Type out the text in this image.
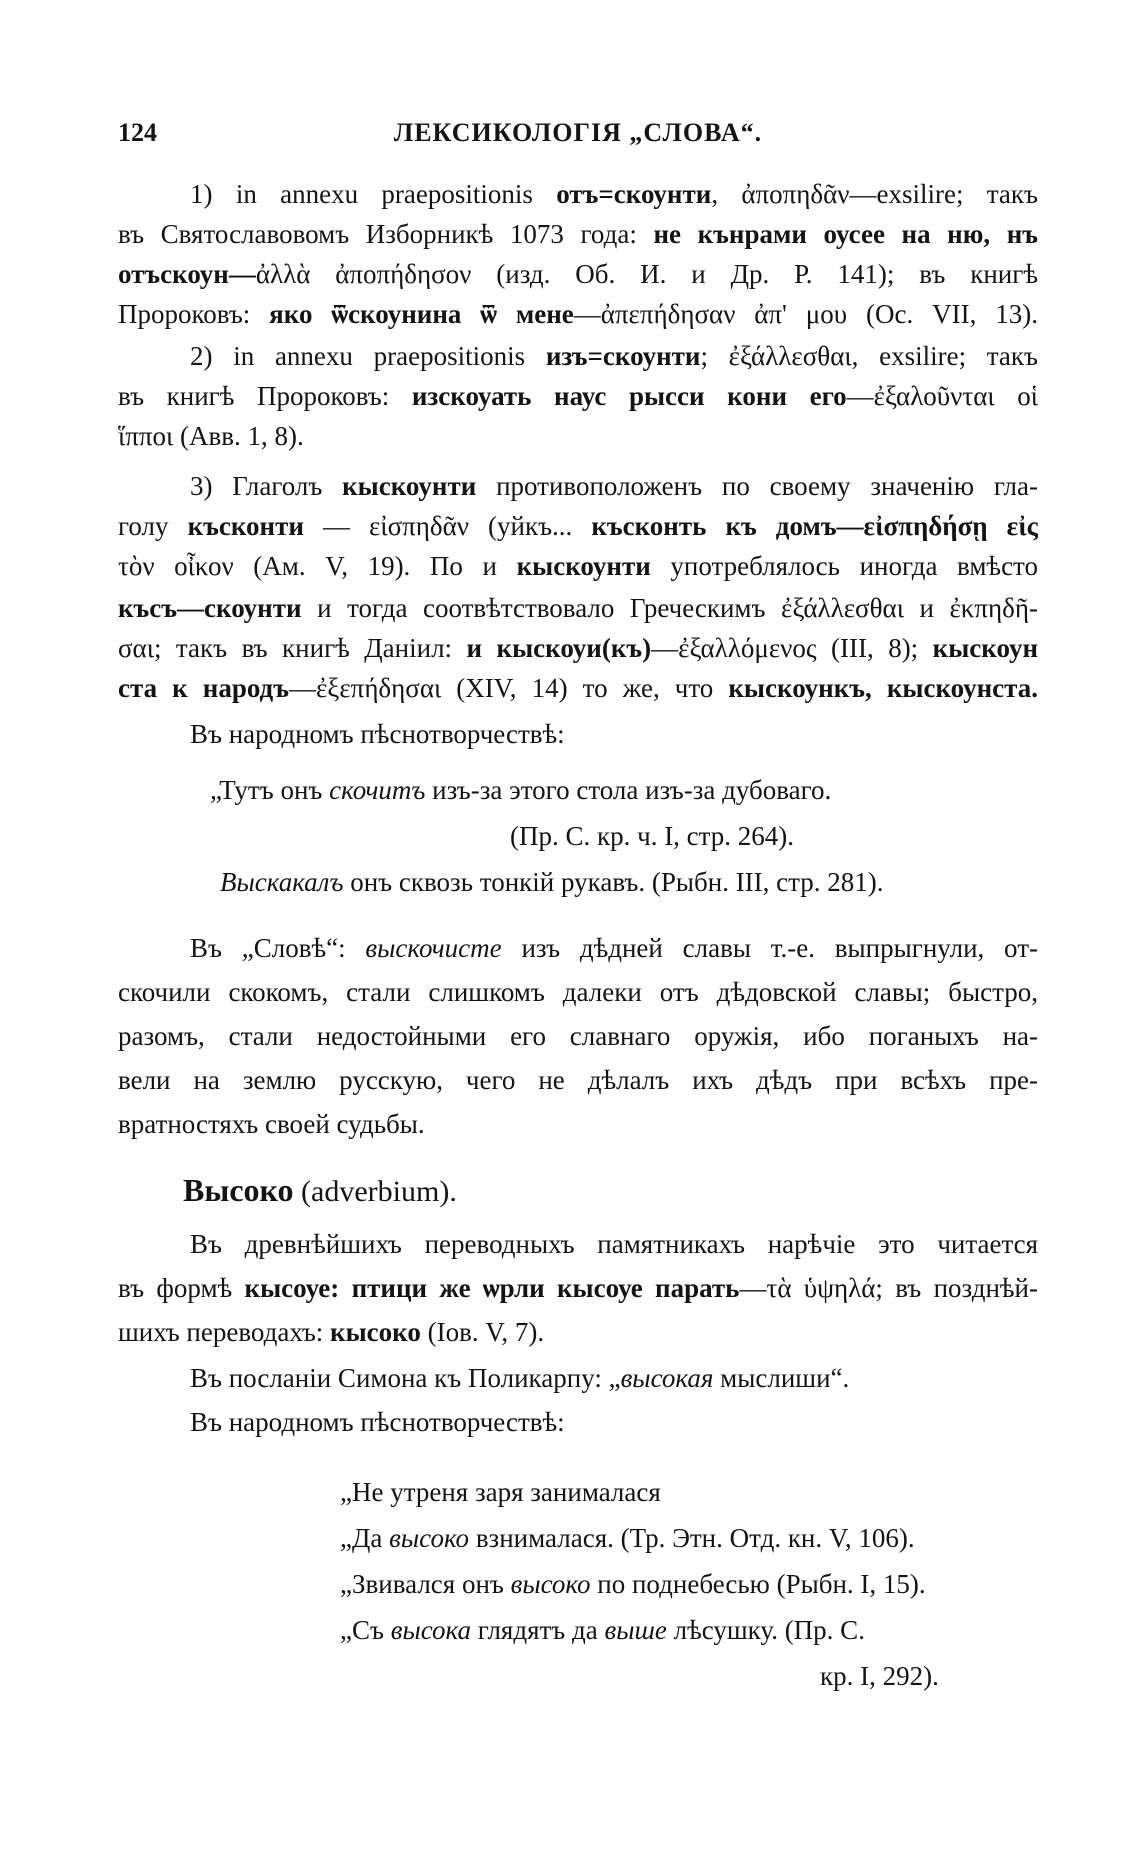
124	ЛЕКСИКОЛОГІЯ „СЛОВА“.
1) in annexu praepositionis отъ=скоунти, ἀποπηδᾶν—exsilire; такъ
въ Святославовомъ Изборникѣ 1073 года: не кънрами оусее на ню, нъ
отъскоун—ἀλλὰ ἀποπήδησον (изд. Об. И. и Др. Р. 141); въ книгѣ
Пророковъ: яко ѿскоунина ѿ мене—ἀπεπήδησαν ἀπ' μου (Ос. VII, 13).
2) in annexu praepositionis изъ=скоунти; ἐξάλλεσθαι, exsilire; такъ
въ книгѣ Пророковъ: изскоуать наус рысси кони его—ἐξαλοῦνται οἱ
ἵπποι (Авв. 1, 8).
3) Глаголъ кыскоунти противоположенъ по своему значенію гла-
голу късконти — εἰσπηδᾶν (уйкъ... късконть къ домъ—εἰσπηδήσῃ εἰς
τὸν οἶκον (Ам. V, 19). По и кыскоунти употреблялось иногда вмѣсто
късъ—скоунти и тогда соотвѣтствовало Греческимъ ἐξάλλεσθαι и ἐκπηδῆ-
σαι; такъ въ книгѣ Даніил: и кыскоуи(къ)—ἐξαλλόμενος (III, 8); кыскоун
ста к народъ—ἐξεπήδησαι (XIV, 14) то же, что кыскоункъ, кыскоунста.
Въ народномъ пѣснотворчествѣ:
„Тутъ онъ скочитъ изъ-за этого стола изъ-за дубоваго.
(Пр. С. кр. ч. I, стр. 264).
Выскакалъ онъ сквозь тонкій рукавъ. (Рыбн. III, стр. 281).
Въ „Словѣ“: выскочисте изъ дѣдней славы т.-е. выпрыгнули, от-
скочили скокомъ, стали слишкомъ далеки отъ дѣдовской славы; быстро,
разомъ, стали недостойными его славнаго оружія, ибо поганыхъ на-
вели на землю русскую, чего не дѣлалъ ихъ дѣдъ при всѣхъ пре-
вратностяхъ своей судьбы.
Высоко (adverbium).
Въ древнѣйшихъ переводныхъ памятникахъ нарѣчіе это читается
въ формѣ кысоуе: птици же ѡрли кысоуе парать—τὰ ὑψηλά; въ позднѣй-
шихъ переводахъ: кысоко (Іов. V, 7).
Въ посланіи Симона къ Поликарпу: „высокая мыслиши“.
Въ народномъ пѣснотворчествѣ:
„Не утреня заря занималася
„Да высоко взнималася. (Тр. Этн. Отд. кн. V, 106).
„Звивался онъ высоко по поднебесью (Рыбн. I, 15).
„Съ высока глядятъ да выше лѣсушку. (Пр. С.
кр. I, 292).
